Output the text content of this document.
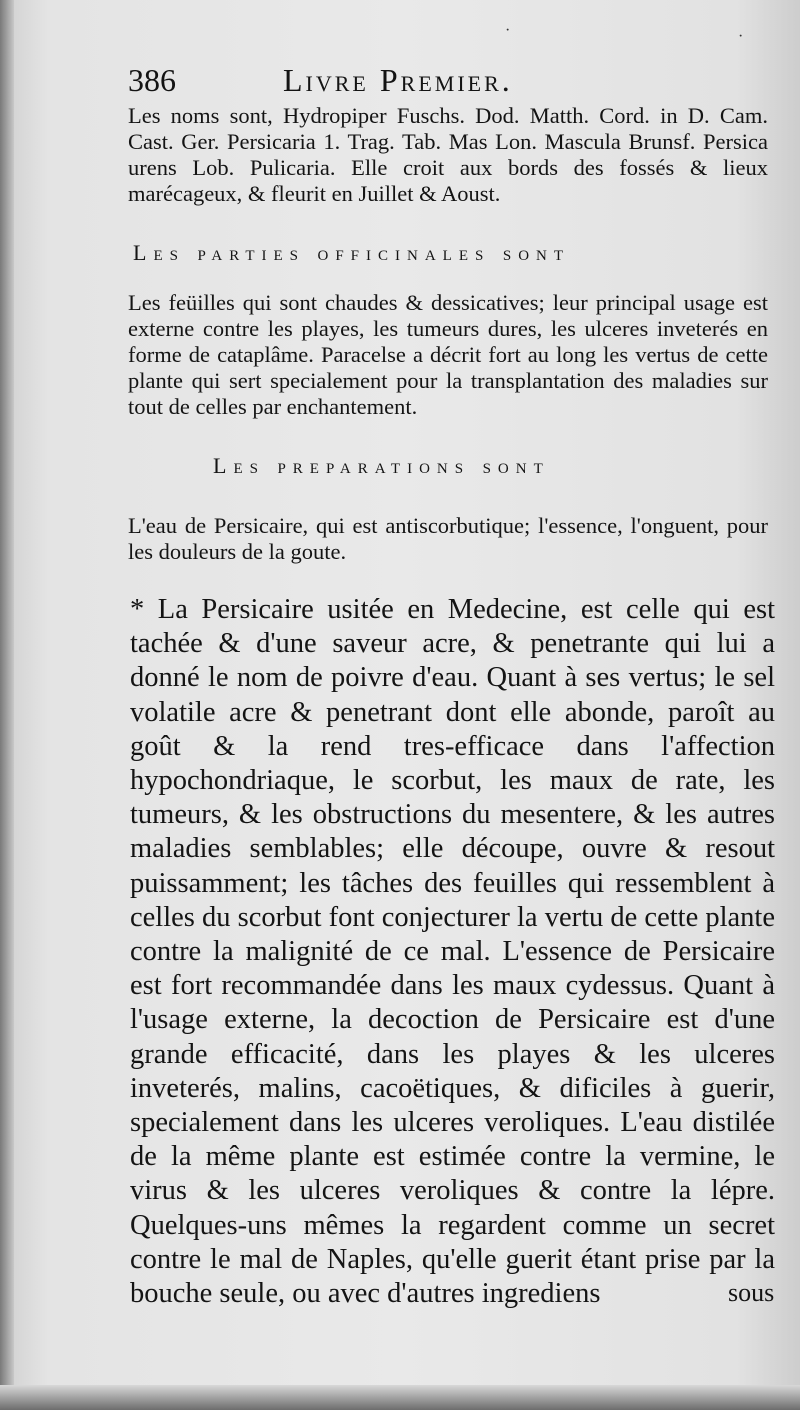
·	·
386	Livre Premier.
Les noms sont, Hydropiper Fuschs. Dod. Matth. Cord. in D. Cam. Cast. Ger. Persicaria 1. Trag. Tab. Mas Lon. Mascula Brunsf. Persica urens Lob. Pulicaria. Elle croit aux bords des fossés & lieux marécageux, & fleurit en Juillet & Aoust.
Les parties officinales sont
Les feüilles qui sont chaudes & dessicatives; leur principal usage est externe contre les playes, les tumeurs dures, les ulceres inveterés en forme de cataplâme. Paracelse a décrit fort au long les vertus de cette plante qui sert specialement pour la transplantation des maladies sur tout de celles par enchantement.
Les preparations sont
L'eau de Persicaire, qui est antiscorbutique; l'essence, l'onguent, pour les douleurs de la goute.
* La Persicaire usitée en Medecine, est celle qui est tachée & d'une saveur acre, & penetrante qui lui a donné le nom de poivre d'eau. Quant à ses vertus; le sel volatile acre & penetrant dont elle abonde, paroît au goût & la rend tres-efficace dans l'affection hypochondriaque, le scorbut, les maux de rate, les tumeurs, & les obstructions du mesentere, & les autres maladies semblables; elle découpe, ouvre & resout puissamment; les tâches des feuilles qui ressemblent à celles du scorbut font conjecturer la vertu de cette plante contre la malignité de ce mal. L'essence de Persicaire est fort recommandée dans les maux cydessus. Quant à l'usage externe, la decoction de Persicaire est d'une grande efficacité, dans les playes & les ulceres inveterés, malins, cacoëtiques, & dificiles à guerir, specialement dans les ulceres veroliques. L'eau distilée de la même plante est estimée contre la vermine, le virus & les ulceres veroliques & contre la lépre. Quelques-uns mêmes la regardent comme un secret contre le mal de Naples, qu'elle guerit étant prise par la bouche seule, ou avec d'autres ingrediens	sous
